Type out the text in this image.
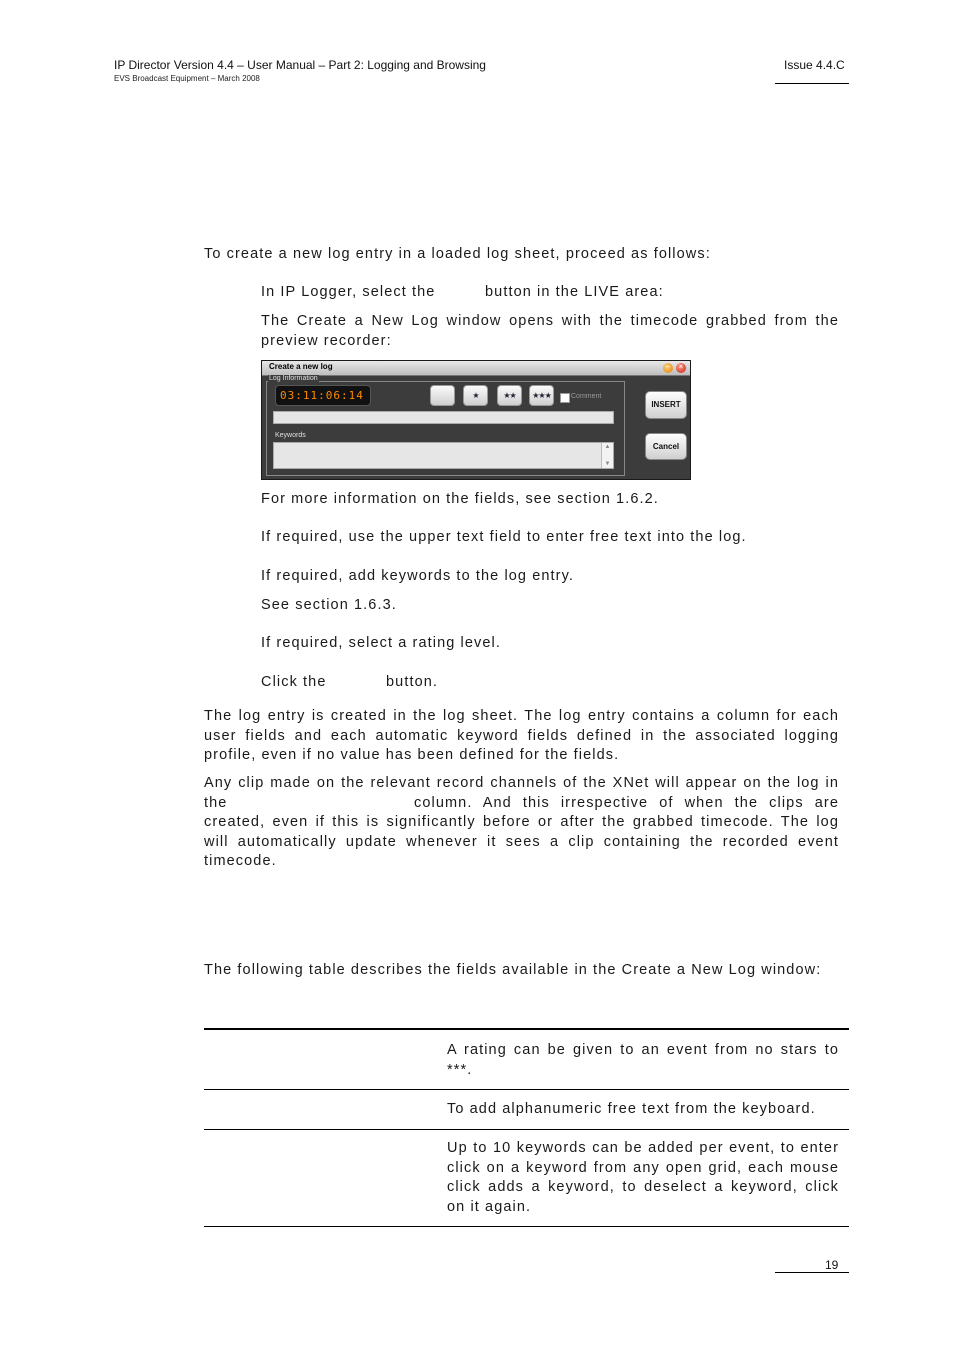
IP Director Version 4.4 – User Manual – Part 2: Logging and Browsing
EVS Broadcast Equipment – March 2008
Issue 4.4.C
To create a new log entry in a loaded log sheet, proceed as follows:
In IP Logger, select the	button in the LIVE area:
The Create a New Log window opens with the timecode grabbed from the preview recorder:
Create a new log	–	×
Log Information
03:11:06:14	★	★★	★★★	Comment
Keywords
▲
▼
INSERT
Cancel
For more information on the fields, see section 1.6.2.
If required, use the upper text field to enter free text into the log.
If required, add keywords to the log entry.
See section 1.6.3.
If required, select a rating level.
Click the	button.
The log entry is created in the log sheet. The log entry contains a column for each user fields and each automatic keyword fields defined in the associated logging profile, even if no value has been defined for the fields.
Any clip made on the relevant record channels of the XNet will appear on the log in the	column. And this irrespective of when the clips are created, even if this is significantly before or after the grabbed timecode. The log will automatically update whenever it sees a clip containing the recorded event timecode.
The following table describes the fields available in the Create a New Log window:
A rating can be given to an event from no stars to ***.
To add alphanumeric free text from the keyboard.
Up to 10 keywords can be added per event, to enter click on a keyword from any open grid, each mouse click adds a keyword, to deselect a keyword, click on it again.
19
